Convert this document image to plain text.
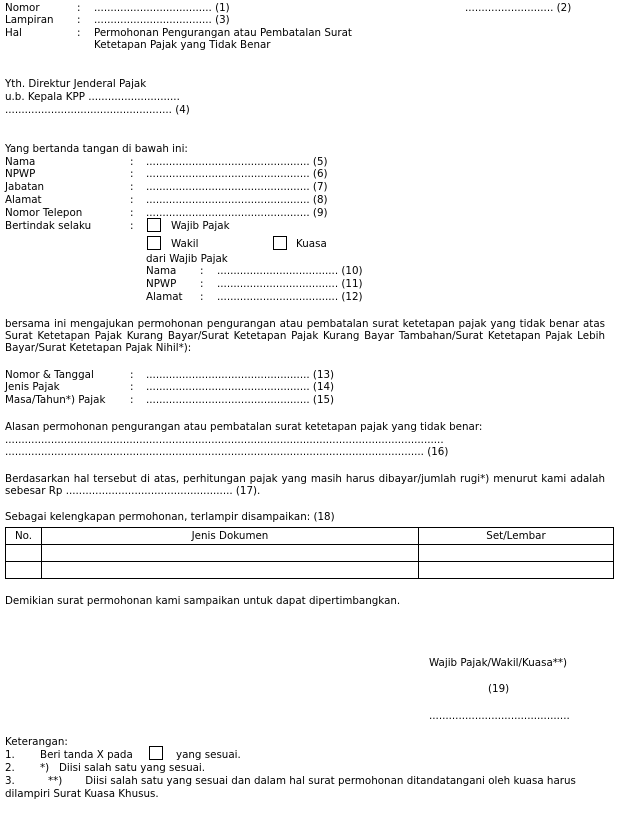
Nomor	: .................................... (1)	........................... (2)
Lampiran : .................................... (3)
Hal	: Permohonan Pengurangan atau Pembatalan Surat
Ketetapan Pajak yang Tidak Benar
Yth. Direktur Jenderal Pajak
u.b. Kepala KPP ............................
................................................... (4)
Yang bertanda tangan di bawah ini:
Nama	: .................................................. (5)
NPWP	: .................................................. (6)
Jabatan	: .................................................. (7)
Alamat	: .................................................. (8)
Nomor Telepon	: .................................................. (9)
Bertindak selaku	:	Wajib Pajak
Wakil	Kuasa
dari Wajib Pajak
Nama : ..................................... (10)
NPWP : ..................................... (11)
Alamat : ..................................... (12)
bersama ini mengajukan permohonan pengurangan atau pembatalan surat ketetapan pajak yang tidak benar atas Surat Ketetapan Pajak Kurang Bayar/Surat Ketetapan Pajak Kurang Bayar Tambahan/Surat Ketetapan Pajak Lebih Bayar/Surat Ketetapan Pajak Nihil*):
Nomor & Tanggal	: .................................................. (13)
Jenis Pajak	: .................................................. (14)
Masa/Tahun*) Pajak : .................................................. (15)
Alasan permohonan pengurangan atau pembatalan surat ketetapan pajak yang tidak benar:
......................................................................................................................................
................................................................................................................................ (16)
Berdasarkan hal tersebut di atas, perhitungan pajak yang masih harus dibayar/jumlah rugi*) menurut kami adalah sebesar Rp ................................................... (17).
Sebagai kelengkapan permohonan, terlampir disampaikan: (18)
No.	Jenis Dokumen	Set/Lembar

Demikian surat permohonan kami sampaikan untuk dapat dipertimbangkan.
Wajib Pajak/Wakil/Kuasa**)
(19)
...........................................
Keterangan:
1. Beri tanda X pada	yang sesuai.
2. *)   Diisi salah satu yang sesuai.
3.	**)       Diisi salah satu yang sesuai dan dalam hal surat permohonan ditandatangani oleh kuasa harus
dilampiri Surat Kuasa Khusus.
